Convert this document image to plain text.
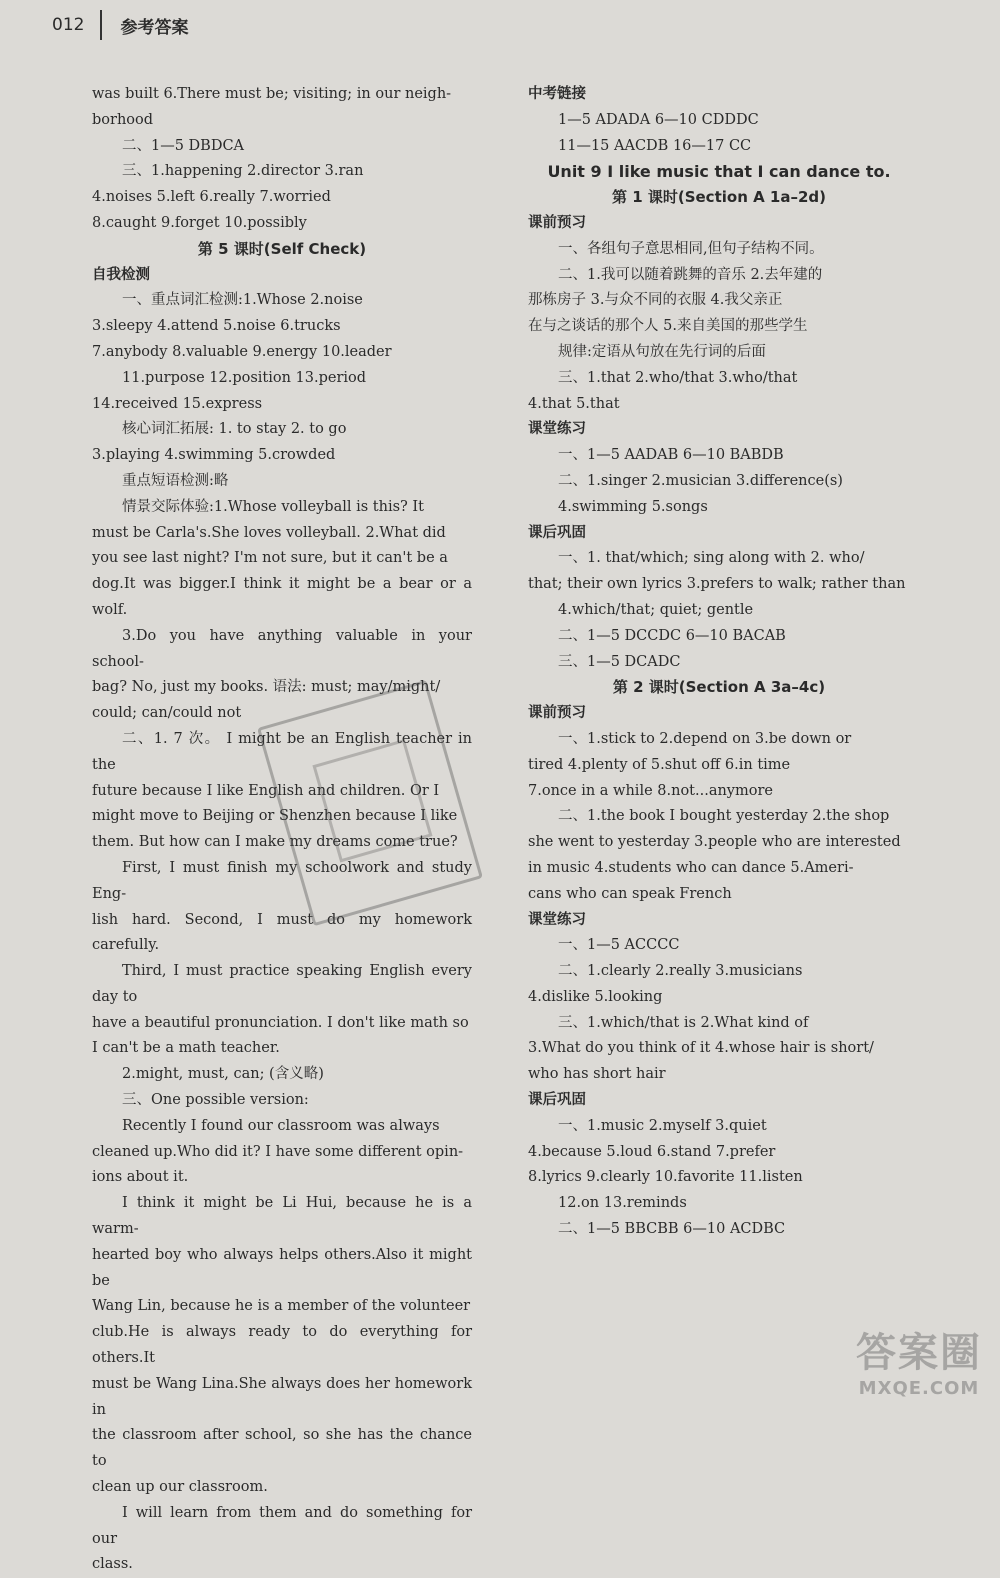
012 参考答案

was built 6.There must be; visiting; in our neigh-

borhood

二、1—5 DBDCA

三、1.happening 2.director 3.ran

4.noises 5.left 6.really 7.worried

8.caught 9.forget 10.possibly

第 5 课时(Self Check)

自我检测

一、重点词汇检测:1.Whose 2.noise

3.sleepy 4.attend 5.noise 6.trucks

7.anybody 8.valuable 9.energy 10.leader

11.purpose 12.position 13.period

14.received 15.express

核心词汇拓展: 1. to stay 2. to go

3.playing 4.swimming 5.crowded

重点短语检测:略

情景交际体验:1.Whose volleyball is this? It

must be Carla's.She loves volleyball. 2.What did

you see last night? I'm not sure, but it can't be a

dog.It was bigger.I think it might be a bear or a wolf.

3.Do you have anything valuable in your school-

bag? No, just my books. 语法: must; may/might/

could; can/could not

二、1. 7 次。 I might be an English teacher in the

future because I like English and children. Or I

might move to Beijing or Shenzhen because I like

them. But how can I make my dreams come true?

First, I must finish my schoolwork and study Eng-

lish hard. Second, I must do my homework carefully.

Third, I must practice speaking English every day to

have a beautiful pronunciation. I don't like math so

I can't be a math teacher.

2.might, must, can; (含义略)

三、One possible version:

Recently I found our classroom was always

cleaned up.Who did it? I have some different opin-

ions about it.

I think it might be Li Hui, because he is a warm-

hearted boy who always helps others.Also it might be

Wang Lin, because he is a member of the volunteer

club.He is always ready to do everything for others.It

must be Wang Lina.She always does her homework in

the classroom after school, so she has the chance to

clean up our classroom.

I will learn from them and do something for our

class.

中考链接

1—5 ADADA 6—10 CDDDC

11—15 AACDB 16—17 CC

Unit 9 I like music that I can dance to.

第 1 课时(Section A 1a–2d)

课前预习

一、各组句子意思相同,但句子结构不同。

二、1.我可以随着跳舞的音乐 2.去年建的

那栋房子 3.与众不同的衣服 4.我父亲正

在与之谈话的那个人 5.来自美国的那些学生

规律:定语从句放在先行词的后面

三、1.that 2.who/that 3.who/that

4.that 5.that

课堂练习

一、1—5 AADAB 6—10 BABDB

二、1.singer 2.musician 3.difference(s)

4.swimming 5.songs

课后巩固

一、1. that/which; sing along with 2. who/

that; their own lyrics 3.prefers to walk; rather than

4.which/that; quiet; gentle

二、1—5 DCCDC 6—10 BACAB

三、1—5 DCADC

第 2 课时(Section A 3a–4c)

课前预习

一、1.stick to 2.depend on 3.be down or

tired 4.plenty of 5.shut off 6.in time

7.once in a while 8.not...anymore

二、1.the book I bought yesterday 2.the shop

she went to yesterday 3.people who are interested

in music 4.students who can dance 5.Ameri-

cans who can speak French

课堂练习

一、1—5 ACCCC

二、1.clearly 2.really 3.musicians

4.dislike 5.looking

三、1.which/that is 2.What kind of

3.What do you think of it 4.whose hair is short/

who has short hair

课后巩固

一、1.music 2.myself 3.quiet

4.because 5.loud 6.stand 7.prefer

8.lyrics 9.clearly 10.favorite 11.listen

12.on 13.reminds

二、1—5 BBCBB 6—10 ACDBC

答案圈
MXQE.COM
